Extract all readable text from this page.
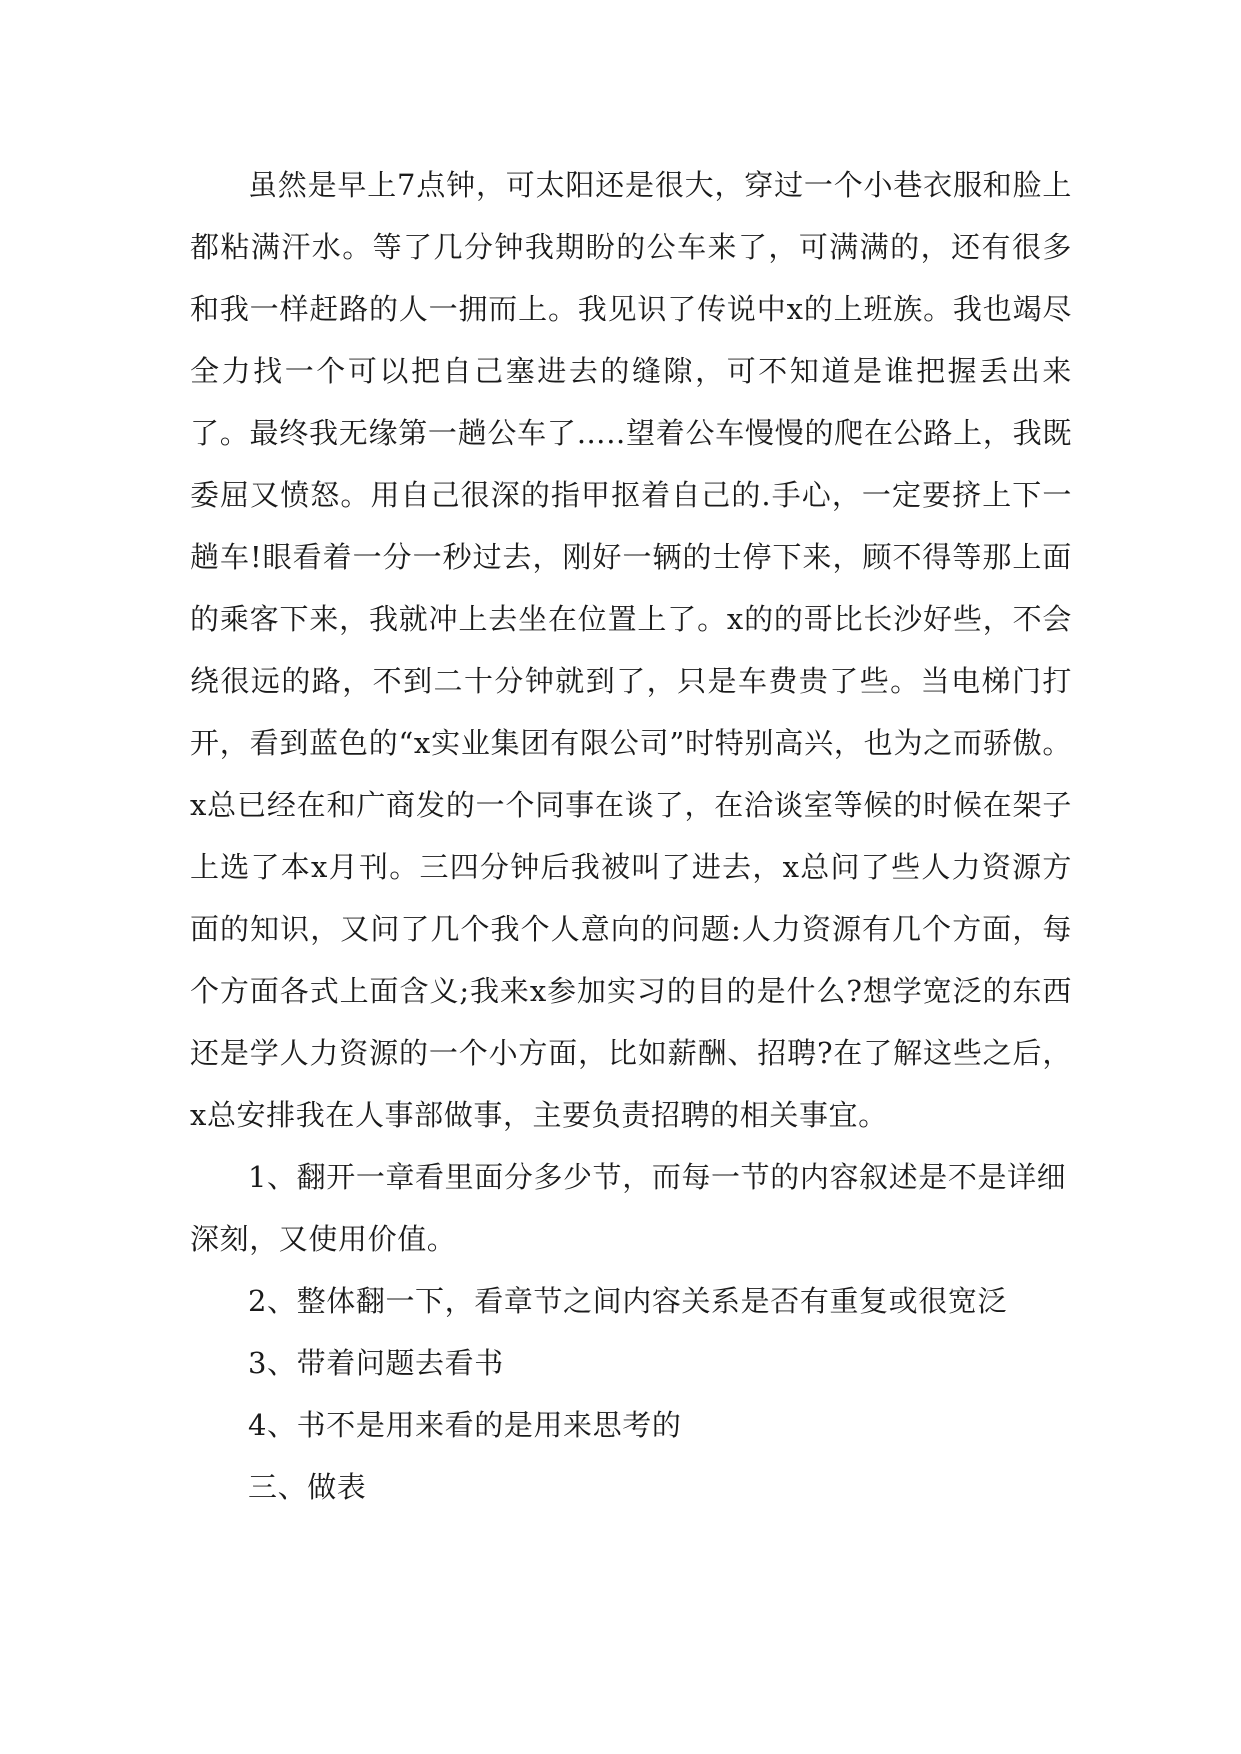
虽然是早上7点钟，可太阳还是很大，穿过一个小巷衣服和脸上都粘满汗水。等了几分钟我期盼的公车来了，可满满的，还有很多和我一样赶路的人一拥而上。我见识了传说中x的上班族。我也竭尽全力找一个可以把自己塞进去的缝隙，可不知道是谁把握丢出来了。最终我无缘第一趟公车了…..望着公车慢慢的爬在公路上，我既委屈又愤怒。用自己很深的指甲抠着自己的.手心，一定要挤上下一趟车!眼看着一分一秒过去，刚好一辆的士停下来，顾不得等那上面的乘客下来，我就冲上去坐在位置上了。x的的哥比长沙好些，不会绕很远的路，不到二十分钟就到了，只是车费贵了些。当电梯门打开，看到蓝色的“x实业集团有限公司”时特别高兴，也为之而骄傲。x总已经在和广商发的一个同事在谈了，在洽谈室等候的时候在架子上选了本x月刊。三四分钟后我被叫了进去，x总问了些人力资源方面的知识，又问了几个我个人意向的问题:人力资源有几个方面，每个方面各式上面含义;我来x参加实习的目的是什么?想学宽泛的东西还是学人力资源的一个小方面，比如薪酬、招聘?在了解这些之后，x总安排我在人事部做事，主要负责招聘的相关事宜。

1、翻开一章看里面分多少节，而每一节的内容叙述是不是详细深刻，又使用价值。

2、整体翻一下，看章节之间内容关系是否有重复或很宽泛

3、带着问题去看书

4、书不是用来看的是用来思考的

三、做表
